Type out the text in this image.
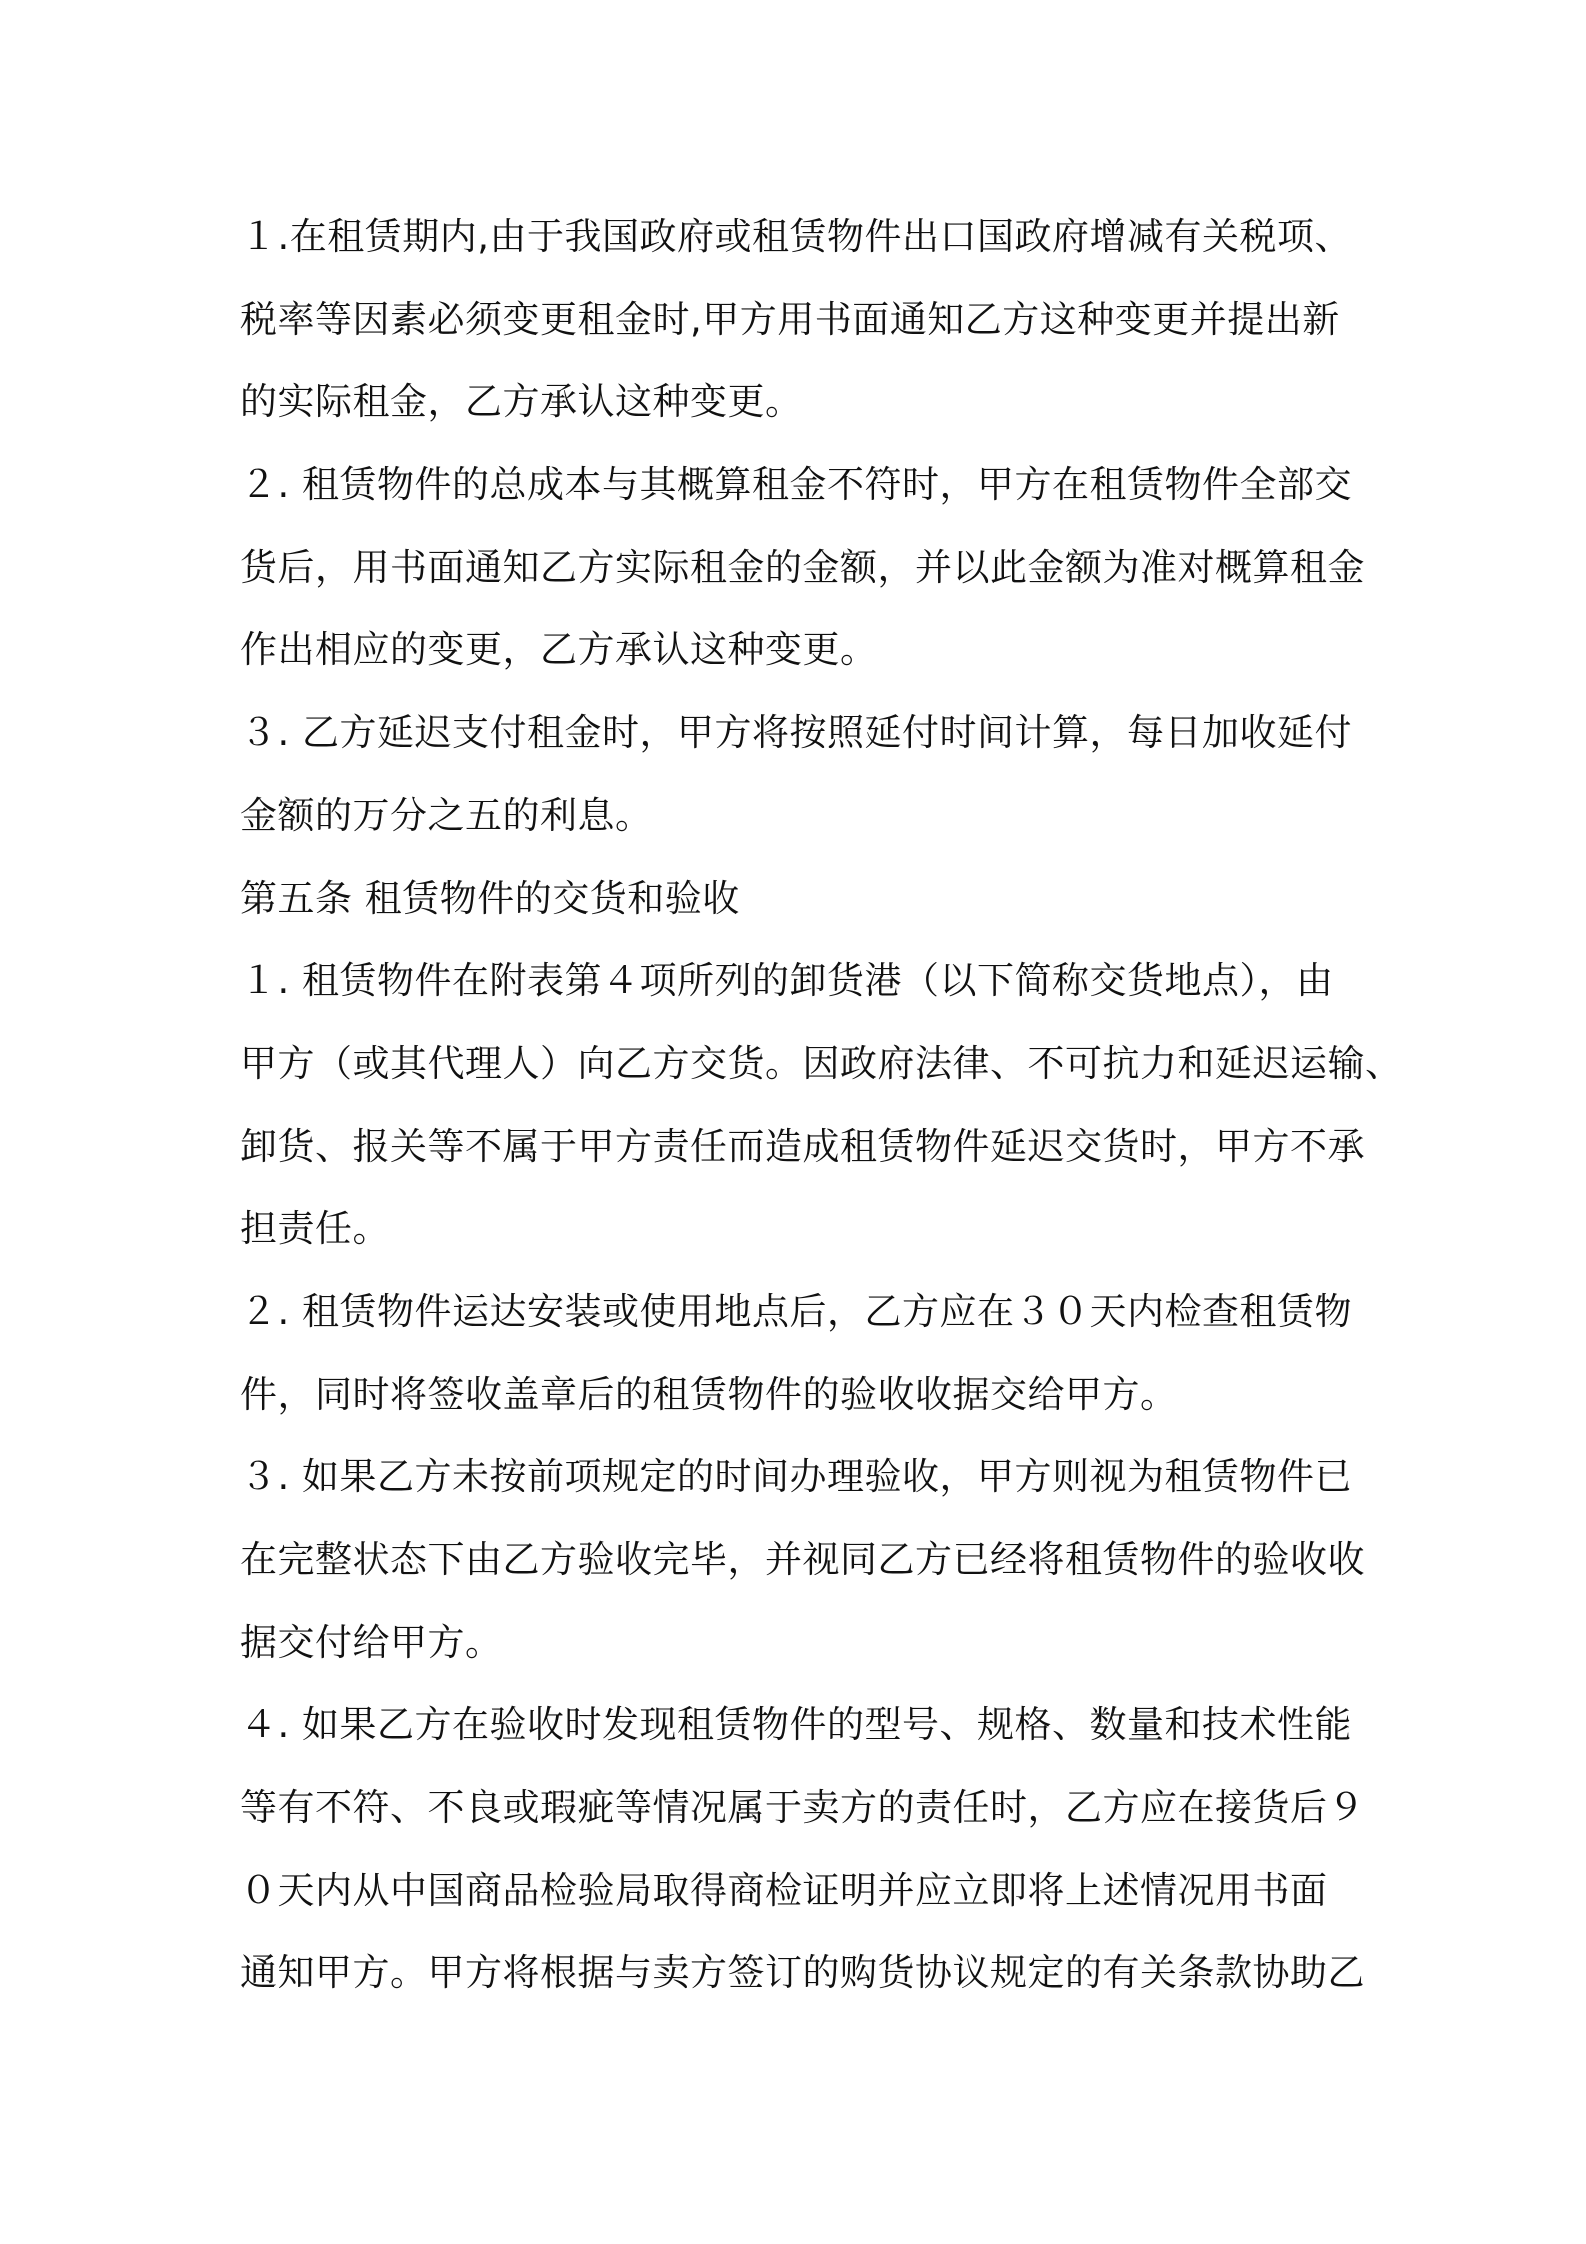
１.在租赁期内,由于我国政府或租赁物件出口国政府增减有关税项、
税率等因素必须变更租金时,甲方用书面通知乙方这种变更并提出新
的实际租金，乙方承认这种变更。
２. 租赁物件的总成本与其概算租金不符时，甲方在租赁物件全部交
货后，用书面通知乙方实际租金的金额，并以此金额为准对概算租金
作出相应的变更，乙方承认这种变更。
３. 乙方延迟支付租金时，甲方将按照延付时间计算，每日加收延付
金额的万分之五的利息。
第五条 租赁物件的交货和验收
１. 租赁物件在附表第４项所列的卸货港（以下简称交货地点），由
甲方（或其代理人）向乙方交货。因政府法律、不可抗力和延迟运输、
卸货、报关等不属于甲方责任而造成租赁物件延迟交货时，甲方不承
担责任。
２. 租赁物件运达安装或使用地点后，乙方应在３０天内检查租赁物
件，同时将签收盖章后的租赁物件的验收收据交给甲方。
３. 如果乙方未按前项规定的时间办理验收，甲方则视为租赁物件已
在完整状态下由乙方验收完毕，并视同乙方已经将租赁物件的验收收
据交付给甲方。
４. 如果乙方在验收时发现租赁物件的型号、规格、数量和技术性能
等有不符、不良或瑕疵等情况属于卖方的责任时，乙方应在接货后９
０天内从中国商品检验局取得商检证明并应立即将上述情况用书面
通知甲方。甲方将根据与卖方签订的购货协议规定的有关条款协助乙
